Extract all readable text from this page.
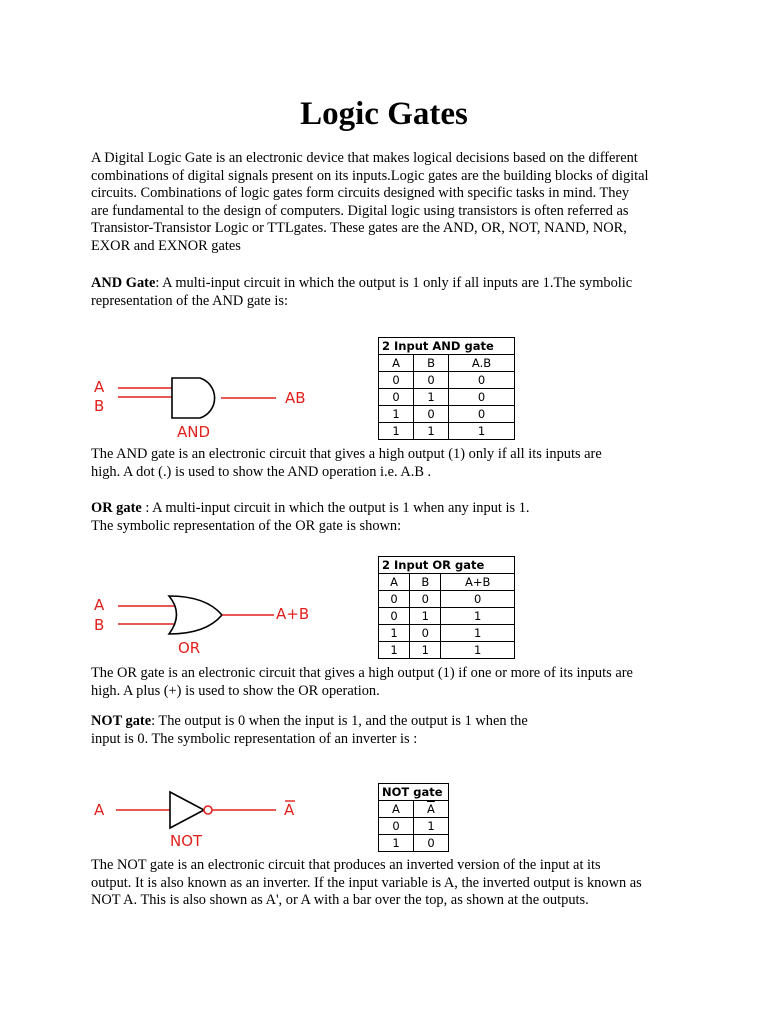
Logic Gates

A Digital Logic Gate is an electronic device that makes logical decisions based on the different
combinations of digital signals present on its inputs.Logic gates are the building blocks of digital
circuits. Combinations of logic gates form circuits designed with specific tasks in mind. They
are fundamental to the design of computers. Digital logic using transistors is often referred as
Transistor-Transistor Logic or TTLgates. These gates are the AND, OR, NOT, NAND, NOR,
EXOR and EXNOR gates

AND Gate: A multi-input circuit in which the output is 1 only if all inputs are 1.The symbolic
representation of the AND gate is:

A
B	AB
AND
2 Input AND gate		
A	B	A.B
0	0	0
0	1	0
1	0	0
1	1	1

The AND gate is an electronic circuit that gives a high output (1) only if all its inputs are
high. A dot (.) is used to show the AND operation i.e. A.B .

OR gate : A multi-input circuit in which the output is 1 when any input is 1.
The symbolic representation of the OR gate is shown:

A
B
A+B
OR
2 Input OR gate		
A	B	A+B
0	0	0
0	1	1
1	0	1
1	1	1

The OR gate is an electronic circuit that gives a high output (1) if one or more of its inputs are
high. A plus (+) is used to show the OR operation.

NOT gate: The output is 0 when the input is 1, and the output is 1 when the
input is 0. The symbolic representation of an inverter is :

A	A
NOT
NOT gate	
A	$\overline{A}$
0	1
1	0

The NOT gate is an electronic circuit that produces an inverted version of the input at its
output. It is also known as an inverter. If the input variable is A, the inverted output is known as
NOT A. This is also shown as A', or A with a bar over the top, as shown at the outputs.
